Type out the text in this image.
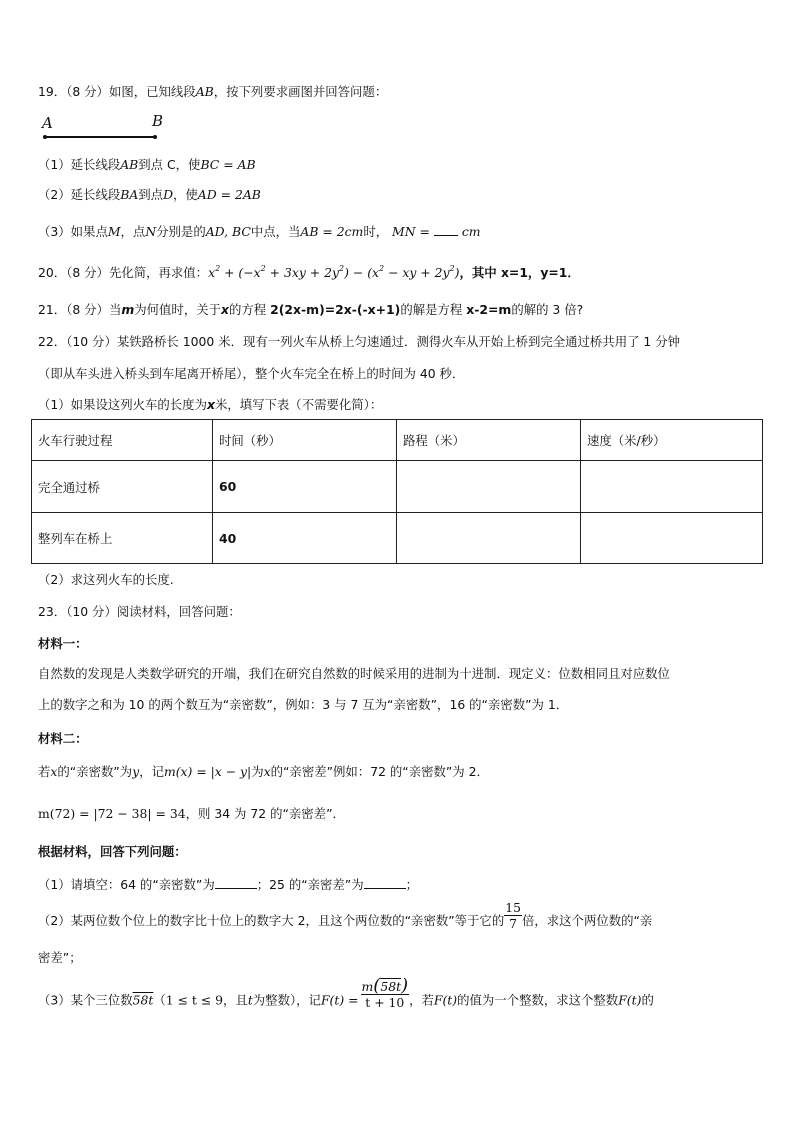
19．（8 分）如图，已知线段AB，按下列要求画图并回答问题：
A	B
（1）延长线段AB到点 C，使BC = AB
（2）延长线段BA到点D，使AD = 2AB
（3）如果点M，点N分别是的AD, BC中点，当AB = 2cm时， MN =	cm
20．（8 分）先化简，再求值：$x^2 + (-x^2 + 3xy + 2y^2) - (x^2$ − xy + $2y^2$)，其中 x=1，y=1．
21．（8 分）当m为何值时，关于x的方程 2(2x-m)=2x-(-x+1)的解是方程 x-2=m的解的 3 倍?
22．（10 分）某铁路桥长 1000 米．现有一列火车从桥上匀速通过．测得火车从开始上桥到完全通过桥共用了 1 分钟
（即从车头进入桥头到车尾离开桥尾），整个火车完全在桥上的时间为 40 秒．
（1）如果设这列火车的长度为x米，填写下表（不需要化简）：
火车行驶过程	时间（秒）	路程（米）	速度（米/秒）
完全通过桥	60		
整列车在桥上	40		
（2）求这列火车的长度.
23．（10 分）阅读材料，回答问题：
材料一：
自然数的发现是人类数学研究的开端，我们在研究自然数的时候采用的进制为十进制．现定义：位数相同且对应数位
上的数字之和为 10 的两个数互为“亲密数”，例如：3 与 7 互为“亲密数”，16 的“亲密数”为 1．
材料二：
若x的“亲密数”为y，记m(x) = |x − y|为x的“亲密差”例如：72 的“亲密数”为 2．
m(72) = |72 − 38| = 34，则 34 为 72 的“亲密差”．
根据材料，回答下列问题：
（1）请填空：64 的“亲密数”为	；25 的“亲密差”为	；
（2）某两位数个位上的数字比十位上的数字大 2，且这个两位数的“亲密数”等于它的 $\frac{15}{7}$ 倍，求这个两位数的“亲
密差”；
（3）某个三位数58t（1 ≤ t ≤ 9，且t为整数），记$F(t) = \frac{m(58t)}{t + 10}$ ，若F(t)的值为一个整数，求这个整数F(t)的
